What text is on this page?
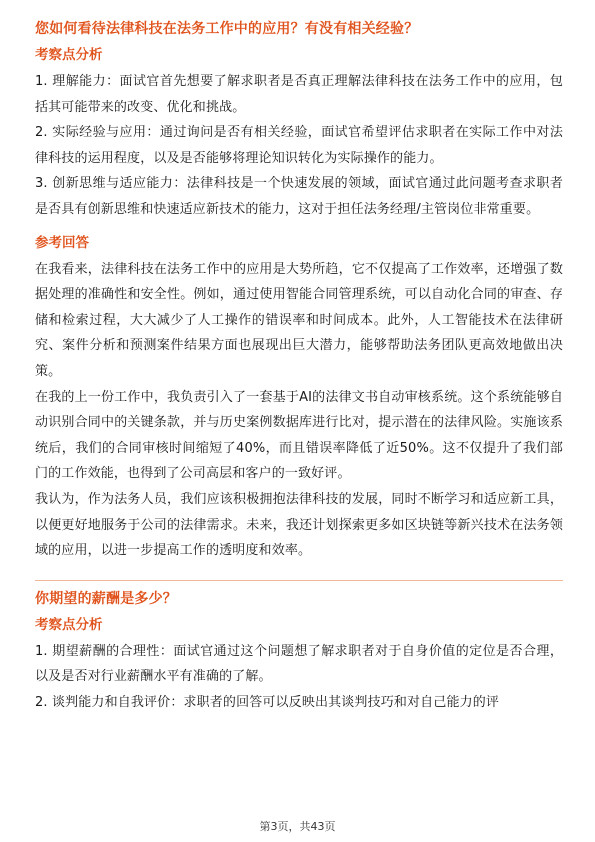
您如何看待法律科技在法务工作中的应用？有没有相关经验？
考察点分析

1. 理解能力：面试官首先想要了解求职者是否真正理解法律科技在法务工作中的应用，包括其可能带来的改变、优化和挑战。

2. 实际经验与应用：通过询问是否有相关经验，面试官希望评估求职者在实际工作中对法律科技的运用程度，以及是否能够将理论知识转化为实际操作的能力。

3. 创新思维与适应能力：法律科技是一个快速发展的领域，面试官通过此问题考查求职者是否具有创新思维和快速适应新技术的能力，这对于担任法务经理/主管岗位非常重要。

参考回答

在我看来，法律科技在法务工作中的应用是大势所趋，它不仅提高了工作效率，还增强了数据处理的准确性和安全性。例如，通过使用智能合同管理系统，可以自动化合同的审查、存储和检索过程，大大减少了人工操作的错误率和时间成本。此外，人工智能技术在法律研究、案件分析和预测案件结果方面也展现出巨大潜力，能够帮助法务团队更高效地做出决策。

在我的上一份工作中，我负责引入了一套基于AI的法律文书自动审核系统。这个系统能够自动识别合同中的关键条款，并与历史案例数据库进行比对，提示潜在的法律风险。实施该系统后，我们的合同审核时间缩短了40%，而且错误率降低了近50%。这不仅提升了我们部门的工作效能，也得到了公司高层和客户的一致好评。

我认为，作为法务人员，我们应该积极拥抱法律科技的发展，同时不断学习和适应新工具，以便更好地服务于公司的法律需求。未来，我还计划探索更多如区块链等新兴技术在法务领域的应用，以进一步提高工作的透明度和效率。

你期望的薪酬是多少？
考察点分析

1. 期望薪酬的合理性：面试官通过这个问题想了解求职者对于自身价值的定位是否合理，以及是否对行业薪酬水平有准确的了解。

2. 谈判能力和自我评价：求职者的回答可以反映出其谈判技巧和对自己能力的评

第3页，共43页
